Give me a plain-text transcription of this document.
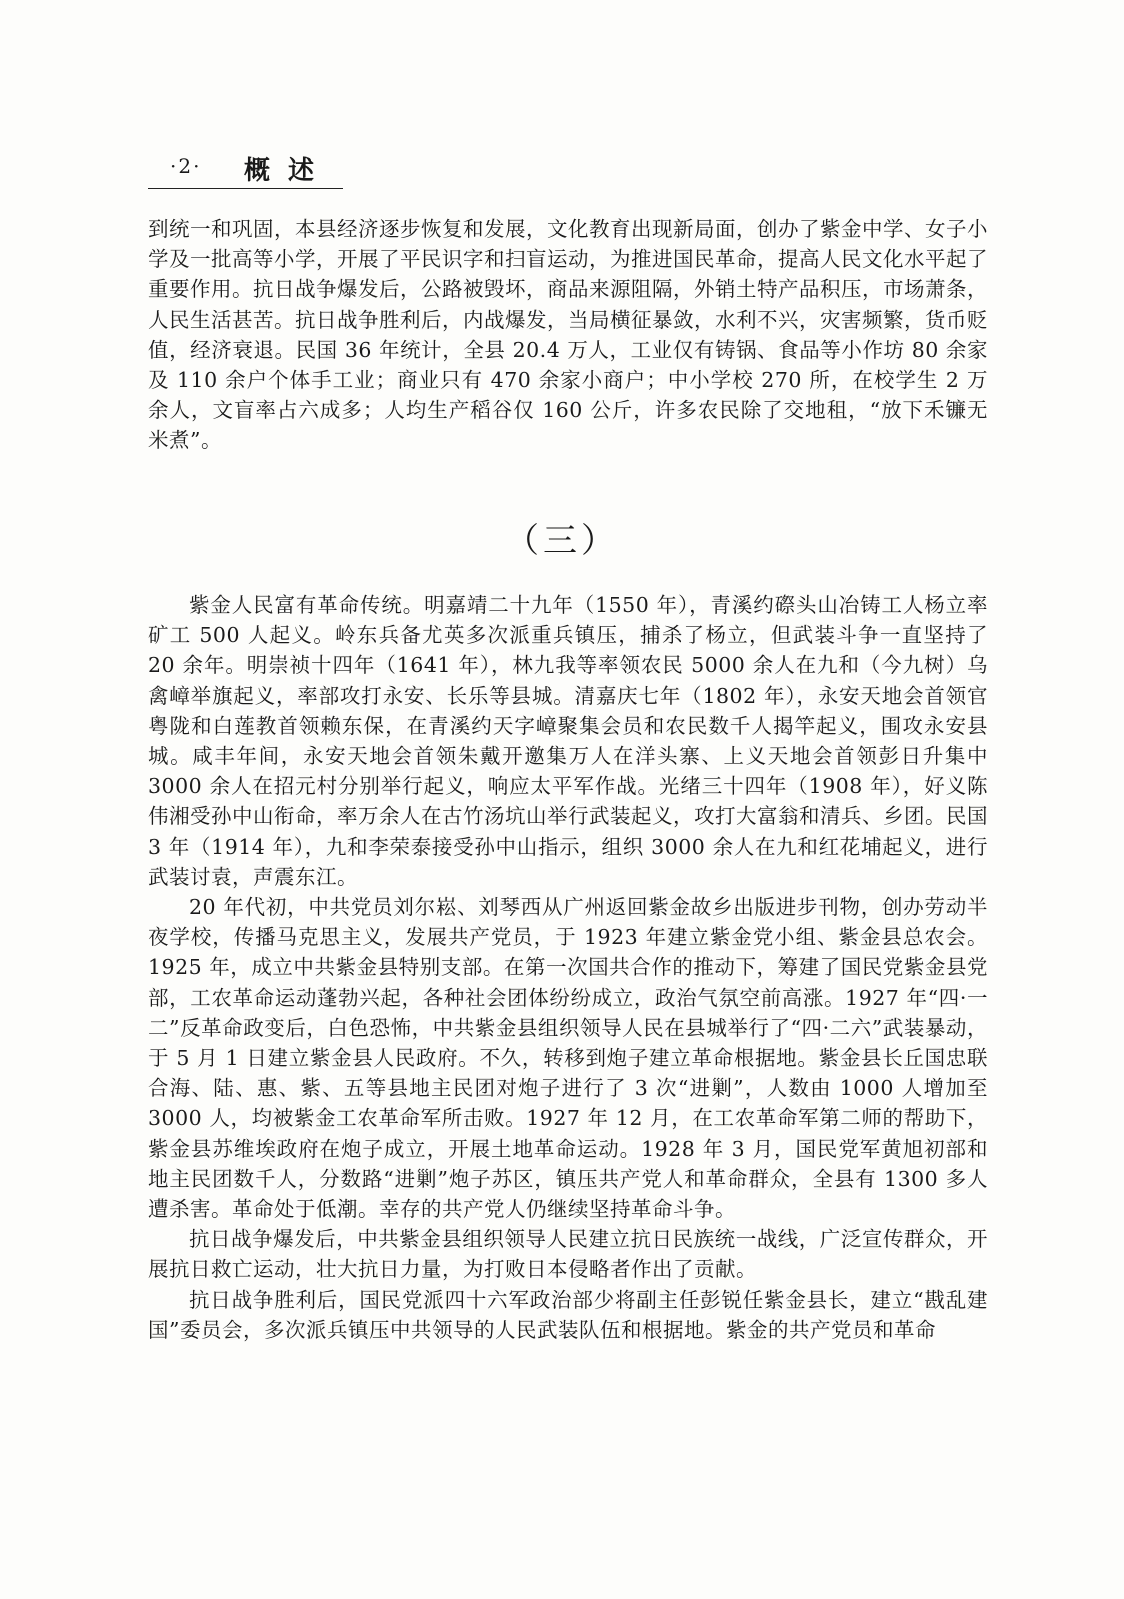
·2· 概述

到统一和巩固，本县经济逐步恢复和发展，文化教育出现新局面，创办了紫金中学、女子小学及一批高等小学，开展了平民识字和扫盲运动，为推进国民革命，提高人民文化水平起了重要作用。抗日战争爆发后，公路被毁坏，商品来源阻隔，外销土特产品积压，市场萧条，人民生活甚苦。抗日战争胜利后，内战爆发，当局横征暴敛，水利不兴，灾害频繁，货币贬值，经济衰退。民国 36 年统计，全县 20.4 万人，工业仅有铸锅、食品等小作坊 80 余家及 110 余户个体手工业；商业只有 470 余家小商户；中小学校 270 所，在校学生 2 万余人，文盲率占六成多；人均生产稻谷仅 160 公斤，许多农民除了交地租，“放下禾镰无米煮”。

（三）

紫金人民富有革命传统。明嘉靖二十九年（1550 年），青溪约磜头山冶铸工人杨立率矿工 500 人起义。岭东兵备尤英多次派重兵镇压，捕杀了杨立，但武装斗争一直坚持了 20 余年。明崇祯十四年（1641 年），林九我等率领农民 5000 余人在九和（今九树）乌禽嶂举旗起义，率部攻打永安、长乐等县城。清嘉庆七年（1802 年），永安天地会首领官粤陇和白莲教首领赖东保，在青溪约天字嶂聚集会员和农民数千人揭竿起义，围攻永安县城。咸丰年间，永安天地会首领朱戴开邀集万人在洋头寨、上义天地会首领彭日升集中 3000 余人在招元村分别举行起义，响应太平军作战。光绪三十四年（1908 年），好义陈伟湘受孙中山衔命，率万余人在古竹汤坑山举行武装起义，攻打大富翁和清兵、乡团。民国 3 年（1914 年），九和李荣泰接受孙中山指示，组织 3000 余人在九和红花埔起义，进行武装讨袁，声震东江。

20 年代初，中共党员刘尔崧、刘琴西从广州返回紫金故乡出版进步刊物，创办劳动半夜学校，传播马克思主义，发展共产党员，于 1923 年建立紫金党小组、紫金县总农会。1925 年，成立中共紫金县特别支部。在第一次国共合作的推动下，筹建了国民党紫金县党部，工农革命运动蓬勃兴起，各种社会团体纷纷成立，政治气氛空前高涨。1927 年“四·一二”反革命政变后，白色恐怖，中共紫金县组织领导人民在县城举行了“四·二六”武装暴动，于 5 月 1 日建立紫金县人民政府。不久，转移到炮子建立革命根据地。紫金县长丘国忠联合海、陆、惠、紫、五等县地主民团对炮子进行了 3 次“进剿”，人数由 1000 人增加至 3000 人，均被紫金工农革命军所击败。1927 年 12 月，在工农革命军第二师的帮助下，紫金县苏维埃政府在炮子成立，开展土地革命运动。1928 年 3 月，国民党军黄旭初部和地主民团数千人，分数路“进剿”炮子苏区，镇压共产党人和革命群众，全县有 1300 多人遭杀害。革命处于低潮。幸存的共产党人仍继续坚持革命斗争。

抗日战争爆发后，中共紫金县组织领导人民建立抗日民族统一战线，广泛宣传群众，开展抗日救亡运动，壮大抗日力量，为打败日本侵略者作出了贡献。

抗日战争胜利后，国民党派四十六军政治部少将副主任彭锐任紫金县长，建立“戡乱建国”委员会，多次派兵镇压中共领导的人民武装队伍和根据地。紫金的共产党员和革命
